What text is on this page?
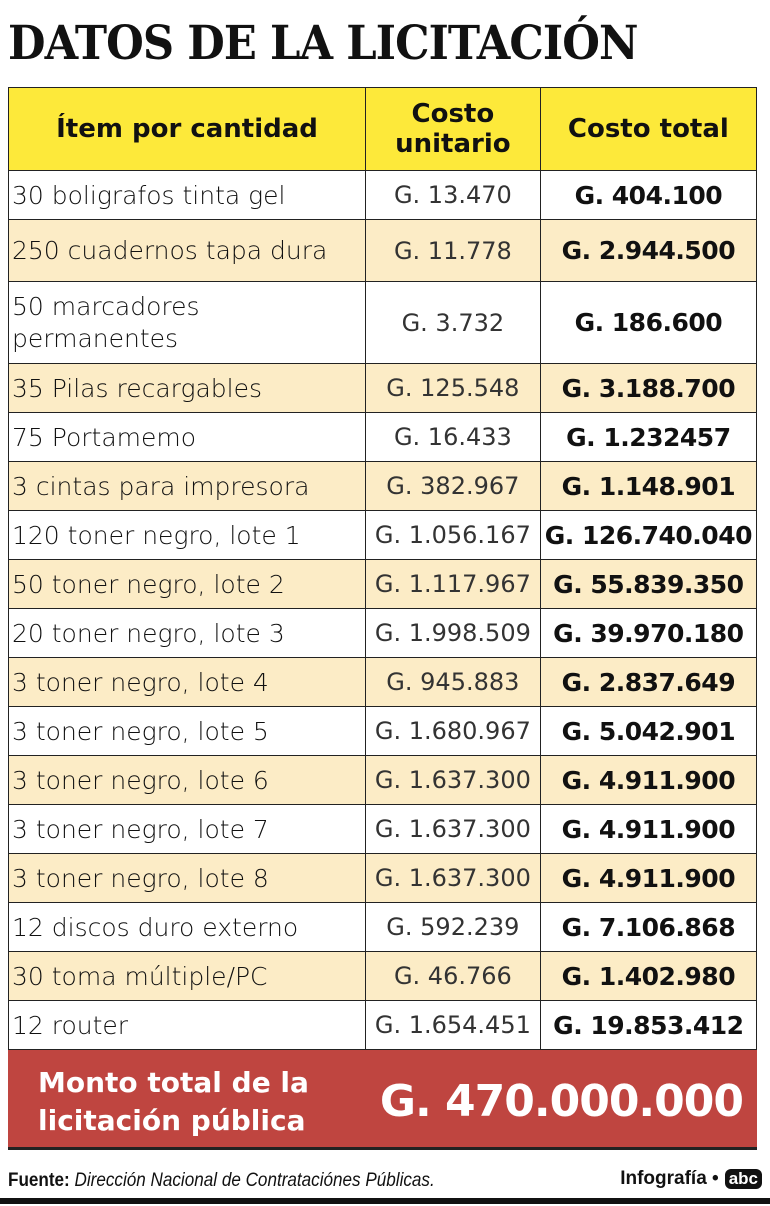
DATOS DE LA LICITACIÓN
Ítem por cantidad	Costo unitario	Costo total
30 boligrafos tinta gel	G. 13.470	G. 404.100
250 cuadernos tapa dura	G. 11.778	G. 2.944.500
50 marcadores permanentes	G. 3.732	G. 186.600
35 Pilas recargables	G. 125.548	G. 3.188.700
75 Portamemo	G. 16.433	G. 1.232457
3 cintas para impresora	G. 382.967	G. 1.148.901
120 toner negro, lote 1	G. 1.056.167	G. 126.740.040
50 toner negro, lote 2	G. 1.117.967	G. 55.839.350
20 toner negro, lote 3	G. 1.998.509	G. 39.970.180
3 toner negro, lote 4	G. 945.883	G. 2.837.649
3 toner negro, lote 5	G. 1.680.967	G. 5.042.901
3 toner negro, lote 6	G. 1.637.300	G. 4.911.900
3 toner negro, lote 7	G. 1.637.300	G. 4.911.900
3 toner negro, lote 8	G. 1.637.300	G. 4.911.900
12 discos duro externo	G. 592.239	G. 7.106.868
30 toma múltiple/PC	G. 46.766	G. 1.402.980
12 router	G. 1.654.451	G. 19.853.412
Monto total de la
licitación pública G. 470.000.000
Fuente: Dirección Nacional de Contrataciónes Públicas.	Infografía • abc
